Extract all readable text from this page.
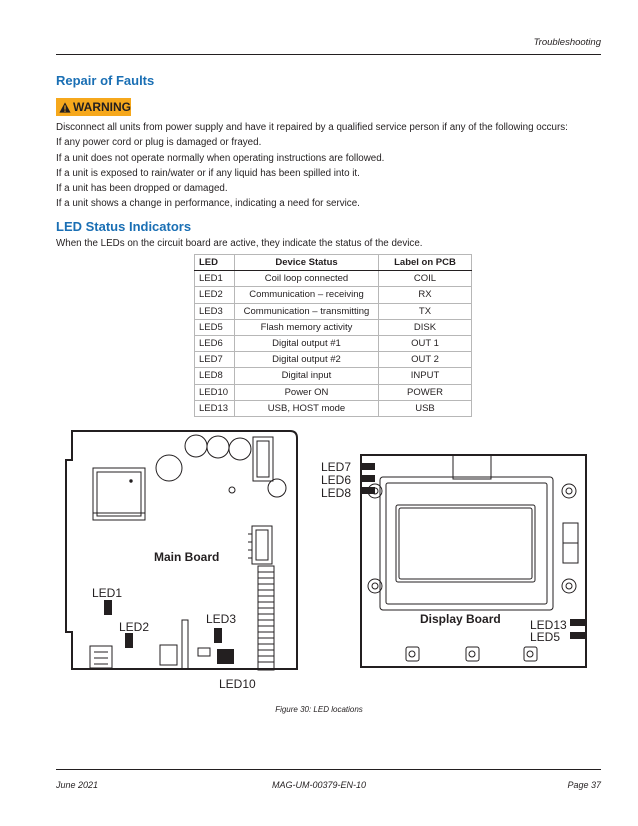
Troubleshooting
Repair of Faults
WARNING
Disconnect all units from power supply and have it repaired by a qualified service person if any of the following occurs:
If any power cord or plug is damaged or frayed.
If a unit does not operate normally when operating instructions are followed.
If a unit is exposed to rain/water or if any liquid has been spilled into it.
If a unit has been dropped or damaged.
If a unit shows a change in performance, indicating a need for service.
LED Status Indicators
When the LEDs on the circuit board are active, they indicate the status of the device.
LED	Device Status	Label on PCB
LED1	Coil loop connected	COIL
LED2	Communication – receiving	RX
LED3	Communication – transmitting	TX
LED5	Flash memory activity	DISK
LED6	Digital output #1	OUT 1
LED7	Digital output #2	OUT 2
LED8	Digital input	INPUT
LED10	Power ON	POWER
LED13	USB, HOST mode	USB
Main Board
LED1
LED2
LED3
LED10
LED7
LED6
LED8
Display Board LED13
LED5
Figure 30: LED locations
June 2021	MAG-UM-00379-EN-10	Page 37
